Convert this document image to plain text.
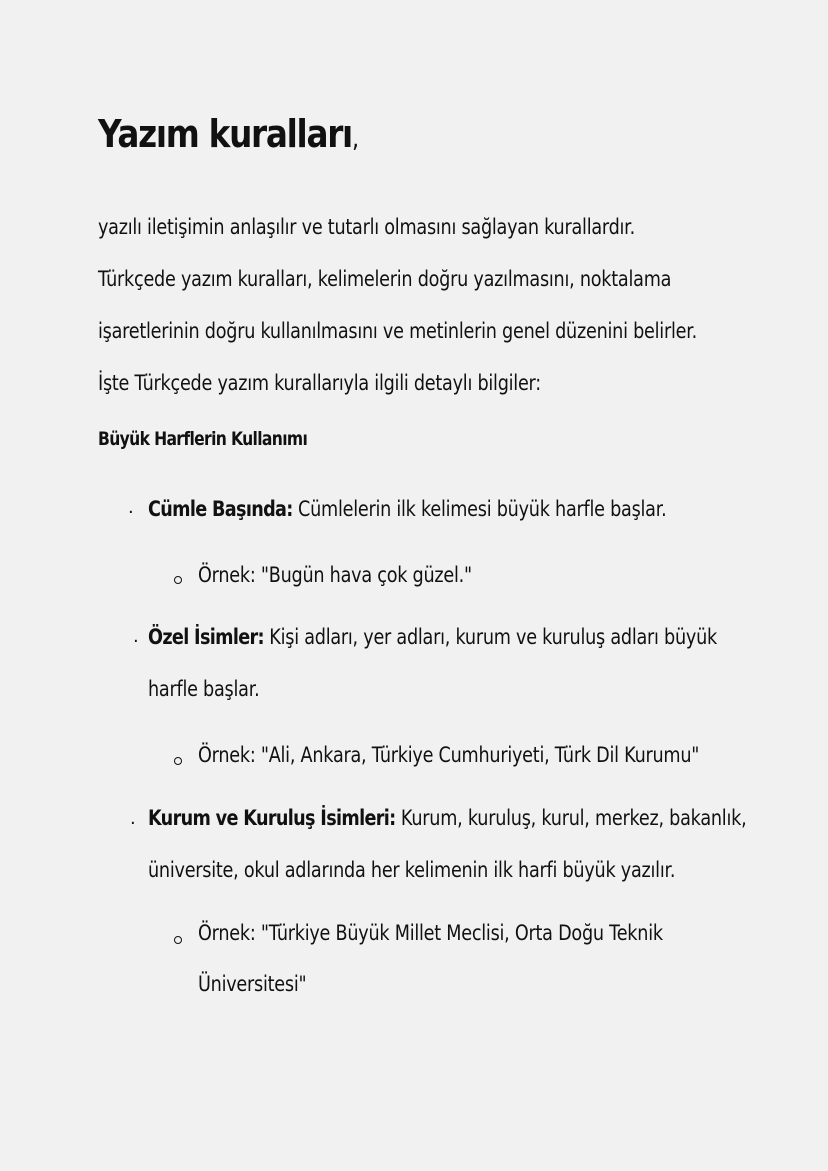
Yazım kuralları,
yazılı iletişimin anlaşılır ve tutarlı olmasını sağlayan kurallardır.
Türkçede yazım kuralları, kelimelerin doğru yazılmasını, noktalama
işaretlerinin doğru kullanılmasını ve metinlerin genel düzenini belirler.
İşte Türkçede yazım kurallarıyla ilgili detaylı bilgiler:
Büyük Harflerin Kullanımı
. Cümle Başında: Cümlelerin ilk kelimesi büyük harfle başlar.
Örnek: "Bugün hava çok güzel."
. Özel İsimler: Kişi adları, yer adları, kurum ve kuruluş adları büyük
harfle başlar.
Örnek: "Ali, Ankara, Türkiye Cumhuriyeti, Türk Dil Kurumu"
. Kurum ve Kuruluş İsimleri: Kurum, kuruluş, kurul, merkez, bakanlık,
üniversite, okul adlarında her kelimenin ilk harfi büyük yazılır.
Örnek: "Türkiye Büyük Millet Meclisi, Orta Doğu Teknik
Üniversitesi"
